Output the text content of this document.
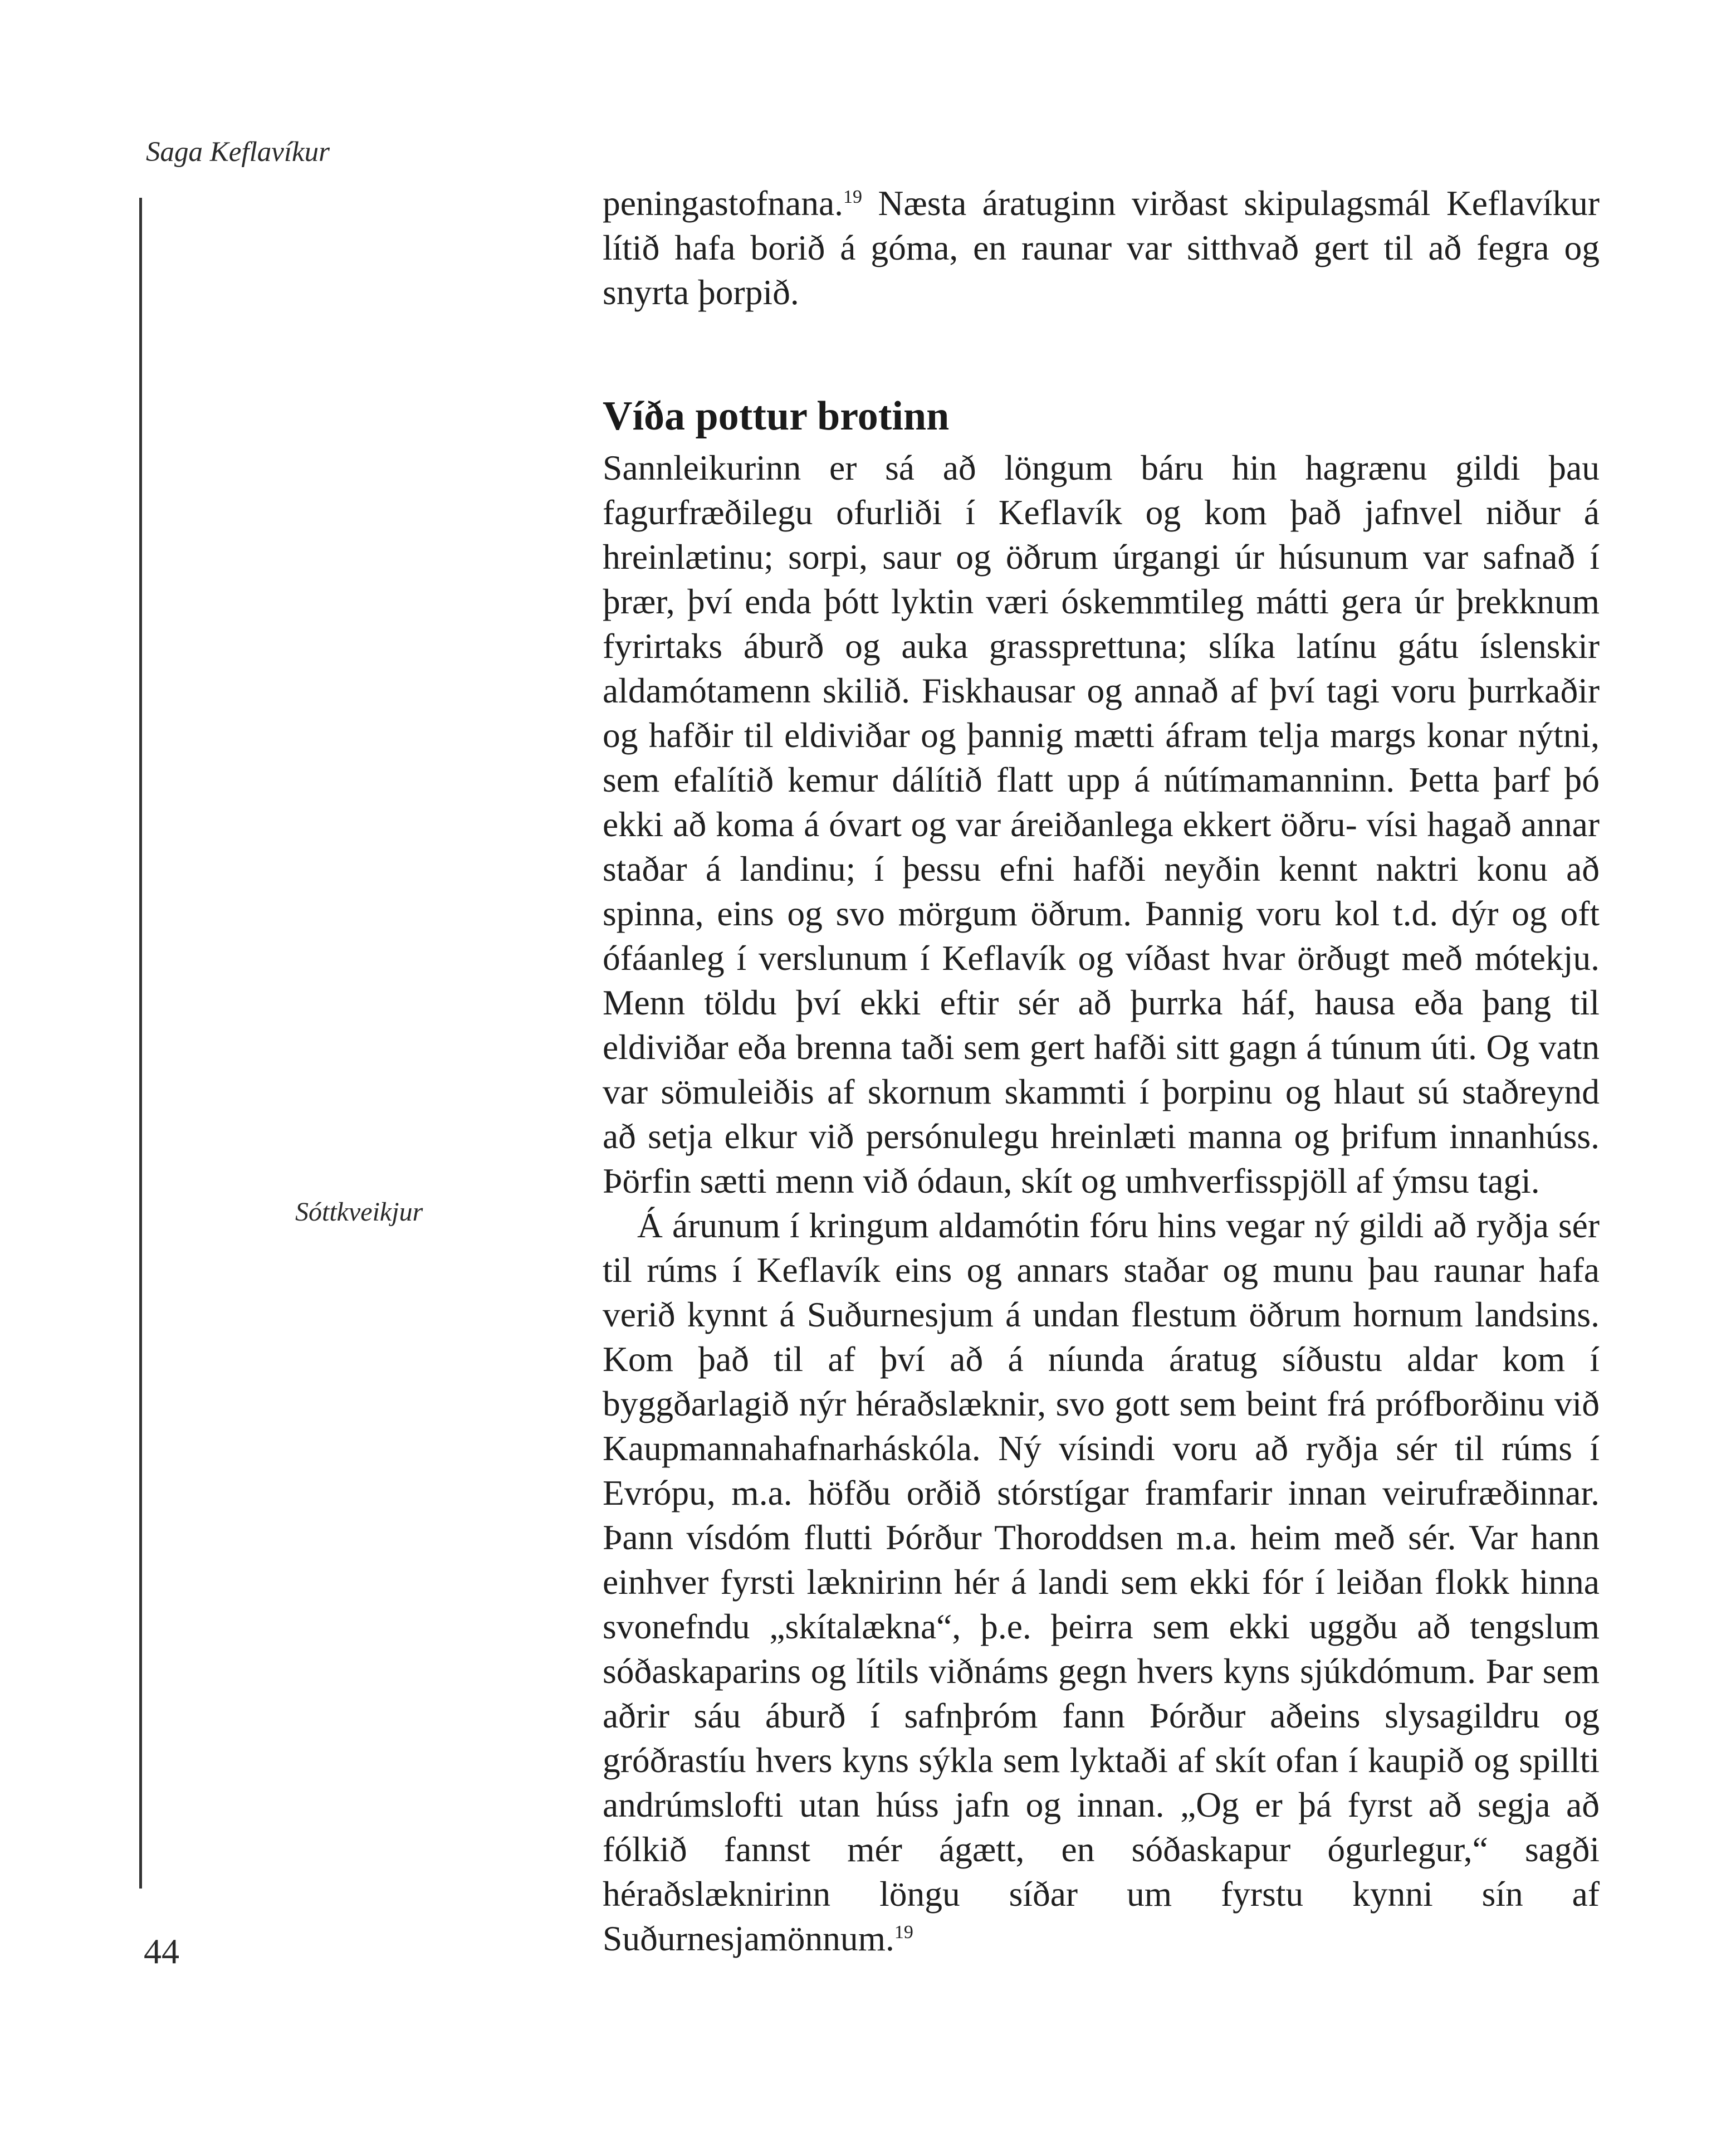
Saga Keflavíkur
44
Sóttkveikjur

peningastofnana.$^{19}$ Næsta áratuginn virðast skipulagsmál Keflavíkur lítið hafa borið á góma, en raunar var sitthvað gert til að fegra og snyrta þorpið.

Víða pottur brotinn

Sannleikurinn er sá að löngum báru hin hagrænu gildi þau fagurfræðilegu ofurliði í Keflavík og kom það jafnvel niður á hreinlætinu; sorpi, saur og öðrum úrgangi úr húsunum var safnað í þrær, því enda þótt lyktin væri óskemmtileg mátti gera úr þrekknum fyrirtaks áburð og auka grassprettuna; slíka latínu gátu íslenskir aldamótamenn skilið. Fiskhausar og annað af því tagi voru þurrkaðir og hafðir til eldiviðar og þannig mætti áfram telja margs konar nýtni, sem efalítið kemur dálítið flatt upp á nútímamanninn. Þetta þarf þó ekki að koma á óvart og var áreiðanlega ekkert öðru- vísi hagað annar staðar á landinu; í þessu efni hafði neyðin kennt naktri konu að spinna, eins og svo mörgum öðrum. Þannig voru kol t.d. dýr og oft ófáanleg í verslunum í Keflavík og víðast hvar örðugt með mótekju. Menn töldu því ekki eftir sér að þurrka háf, hausa eða þang til eldiviðar eða brenna taði sem gert hafði sitt gagn á túnum úti. Og vatn var sömuleiðis af skornum skammti í þorpinu og hlaut sú staðreynd að setja elkur við persónulegu hreinlæti manna og þrifum innanhúss. Þörfin sætti menn við ódaun, skít og umhverfisspjöll af ýmsu tagi.

Á árunum í kringum aldamótin fóru hins vegar ný gildi að ryðja sér til rúms í Keflavík eins og annars staðar og munu þau raunar hafa verið kynnt á Suðurnesjum á undan flestum öðrum hornum landsins. Kom það til af því að á níunda áratug síðustu aldar kom í byggðarlagið nýr héraðslæknir, svo gott sem beint frá prófborðinu við Kaupmannahafnarháskóla. Ný vísindi voru að ryðja sér til rúms í Evrópu, m.a. höfðu orðið stórstígar framfarir innan veirufræðinnar. Þann vísdóm flutti Þórður Thoroddsen m.a. heim með sér. Var hann einhver fyrsti læknirinn hér á landi sem ekki fór í leiðan flokk hinna svonefndu „skítalækna“, þ.e. þeirra sem ekki uggðu að tengslum sóðaskaparins og lítils viðnáms gegn hvers kyns sjúkdómum. Þar sem aðrir sáu áburð í safnþróm fann Þórður aðeins slysagildru og gróðrastíu hvers kyns sýkla sem lyktaði af skít ofan í kaupið og spillti andrúmslofti utan húss jafn og innan. „Og er þá fyrst að segja að fólkið fannst mér ágætt, en sóðaskapur ógurlegur,“ sagði héraðslæknirinn löngu síðar um fyrstu kynni sín af Suðurnesjamönnum.$^{19}$
